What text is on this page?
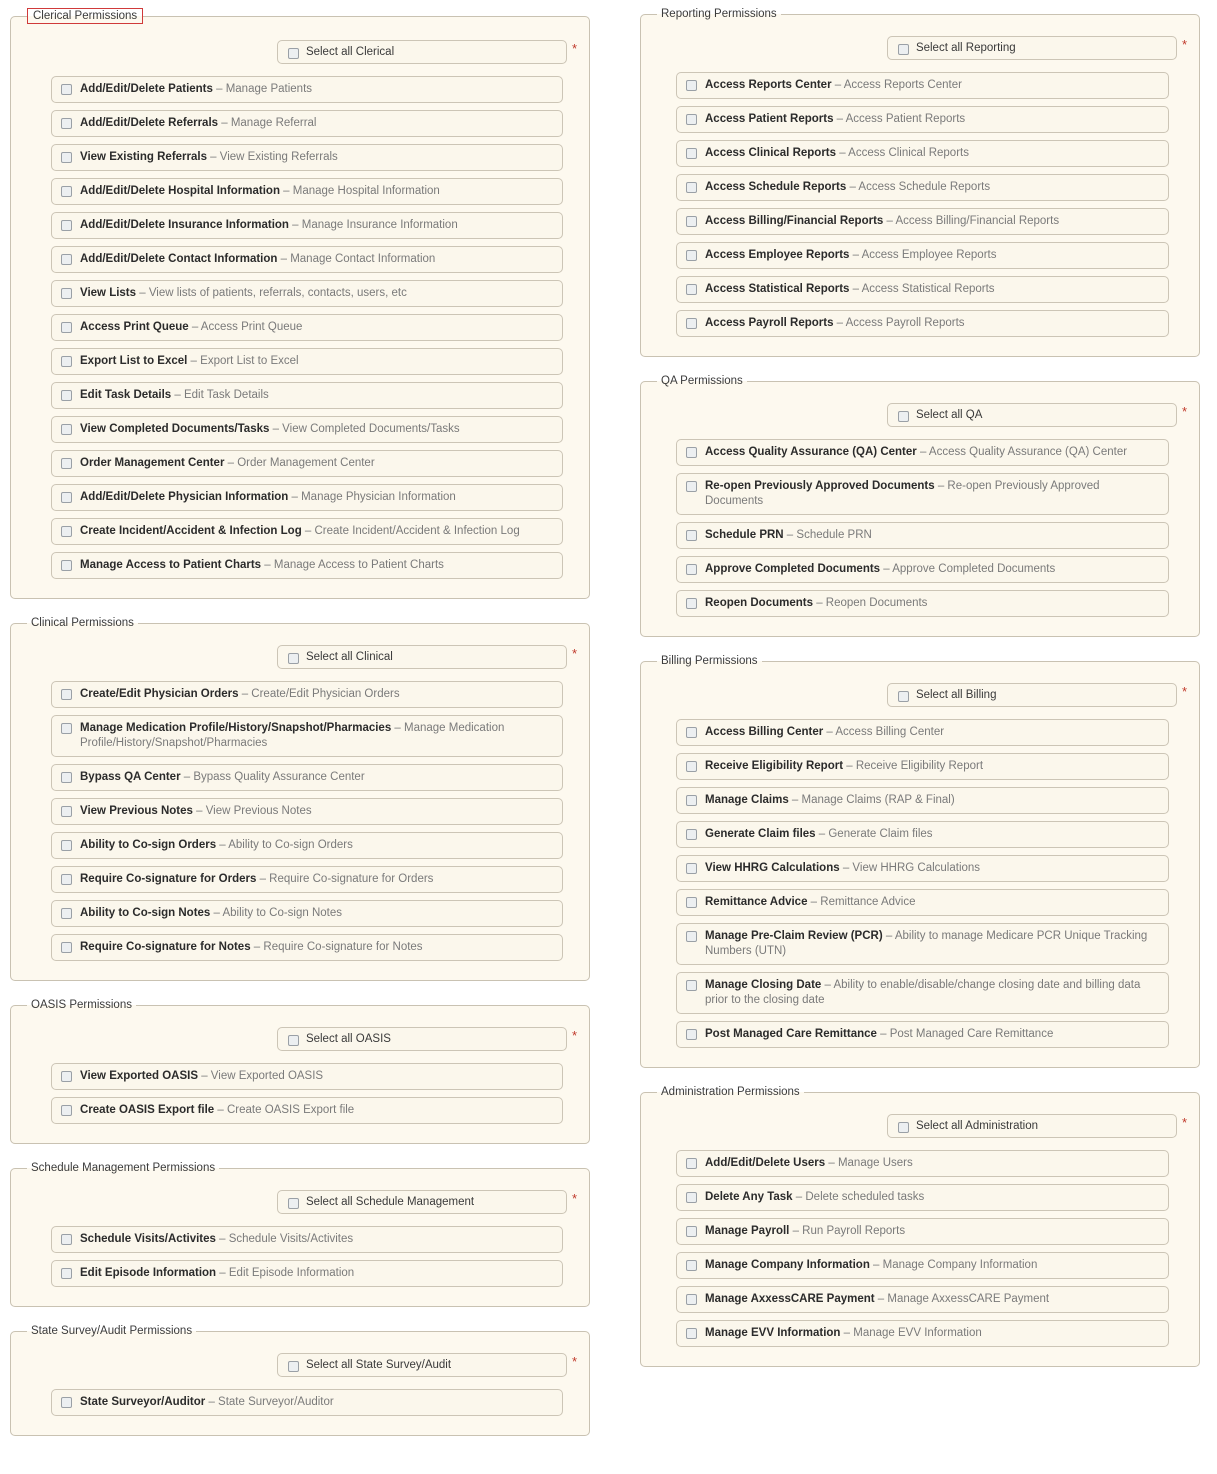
Clerical Permissions
Select all Clerical	*
Add/Edit/Delete Patients – Manage Patients
Add/Edit/Delete Referrals – Manage Referral
View Existing Referrals – View Existing Referrals
Add/Edit/Delete Hospital Information – Manage Hospital Information
Add/Edit/Delete Insurance Information – Manage Insurance Information
Add/Edit/Delete Contact Information – Manage Contact Information
View Lists – View lists of patients, referrals, contacts, users, etc
Access Print Queue – Access Print Queue
Export List to Excel – Export List to Excel
Edit Task Details – Edit Task Details
View Completed Documents/Tasks – View Completed Documents/Tasks
Order Management Center – Order Management Center
Add/Edit/Delete Physician Information – Manage Physician Information
Create Incident/Accident & Infection Log – Create Incident/Accident & Infection Log
Manage Access to Patient Charts – Manage Access to Patient Charts
Clinical Permissions
Select all Clinical	*
Create/Edit Physician Orders – Create/Edit Physician Orders
Manage Medication Profile/History/Snapshot/Pharmacies – Manage Medication Profile/History/Snapshot/Pharmacies
Bypass QA Center – Bypass Quality Assurance Center
View Previous Notes – View Previous Notes
Ability to Co-sign Orders – Ability to Co-sign Orders
Require Co-signature for Orders – Require Co-signature for Orders
Ability to Co-sign Notes – Ability to Co-sign Notes
Require Co-signature for Notes – Require Co-signature for Notes
OASIS Permissions
Select all OASIS	*
View Exported OASIS – View Exported OASIS
Create OASIS Export file – Create OASIS Export file
Schedule Management Permissions
Select all Schedule Management	*
Schedule Visits/Activites – Schedule Visits/Activites
Edit Episode Information – Edit Episode Information
State Survey/Audit Permissions
Select all State Survey/Audit	*
State Surveyor/Auditor – State Surveyor/Auditor
Reporting Permissions
Select all Reporting	*
Access Reports Center – Access Reports Center
Access Patient Reports – Access Patient Reports
Access Clinical Reports – Access Clinical Reports
Access Schedule Reports – Access Schedule Reports
Access Billing/Financial Reports – Access Billing/Financial Reports
Access Employee Reports – Access Employee Reports
Access Statistical Reports – Access Statistical Reports
Access Payroll Reports – Access Payroll Reports
QA Permissions
Select all QA	*
Access Quality Assurance (QA) Center – Access Quality Assurance (QA) Center
Re-open Previously Approved Documents – Re-open Previously Approved Documents
Schedule PRN – Schedule PRN
Approve Completed Documents – Approve Completed Documents
Reopen Documents – Reopen Documents
Billing Permissions
Select all Billing	*
Access Billing Center – Access Billing Center
Receive Eligibility Report – Receive Eligibility Report
Manage Claims – Manage Claims (RAP & Final)
Generate Claim files – Generate Claim files
View HHRG Calculations – View HHRG Calculations
Remittance Advice – Remittance Advice
Manage Pre-Claim Review (PCR) – Ability to manage Medicare PCR Unique Tracking Numbers (UTN)
Manage Closing Date – Ability to enable/disable/change closing date and billing data prior to the closing date
Post Managed Care Remittance – Post Managed Care Remittance
Administration Permissions
Select all Administration	*
Add/Edit/Delete Users – Manage Users
Delete Any Task – Delete scheduled tasks
Manage Payroll – Run Payroll Reports
Manage Company Information – Manage Company Information
Manage AxxessCARE Payment – Manage AxxessCARE Payment
Manage EVV Information – Manage EVV Information
